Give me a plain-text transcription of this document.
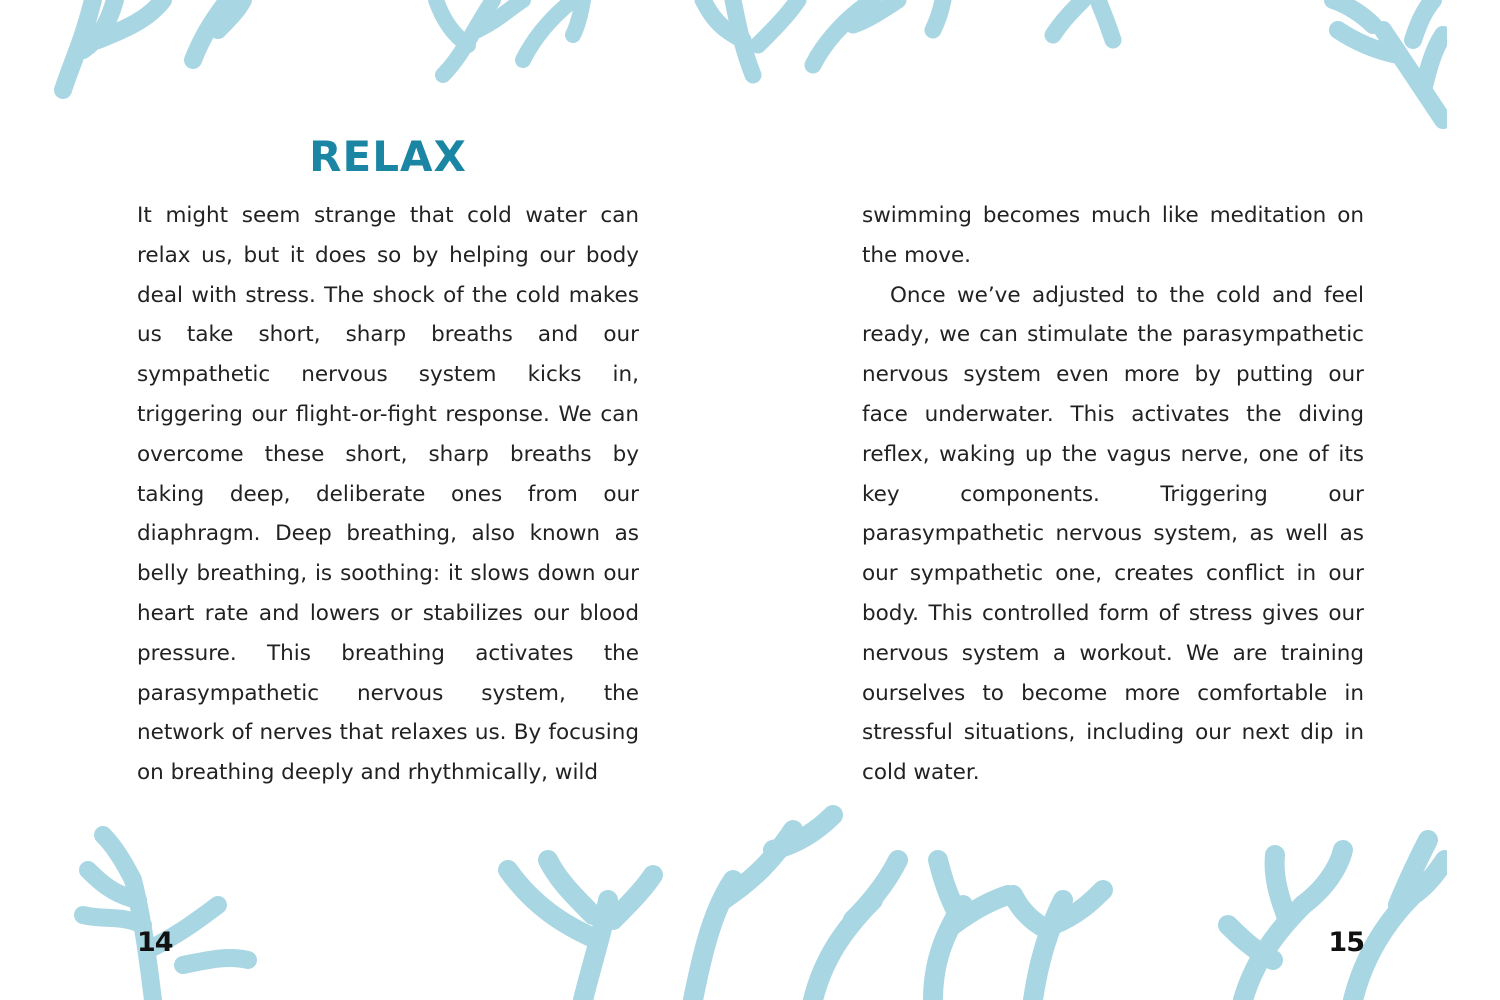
RELAX

It might seem strange that cold water can relax us, but it does so by helping our body deal with stress. The shock of the cold makes us take short, sharp breaths and our sympathetic nervous system kicks in, triggering our flight-or-fight response. We can overcome these short, sharp breaths by taking deep, deliberate ones from our diaphragm. Deep breathing, also known as belly breathing, is soothing: it slows down our heart rate and lowers or stabilizes our blood pressure. This breathing activates the parasympathetic nervous system, the network of nerves that relaxes us. By focusing on breathing deeply and rhythmically, wild

14

swimming becomes much like meditation on the move.

Once we’ve adjusted to the cold and feel ready, we can stimulate the parasympathetic nervous system even more by putting our face underwater. This activates the diving reflex, waking up the vagus nerve, one of its key components. Triggering our parasympathetic nervous system, as well as our sympathetic one, creates conflict in our body. This controlled form of stress gives our nervous system a workout. We are training ourselves to become more comfortable in stressful situations, including our next dip in cold water.

15
